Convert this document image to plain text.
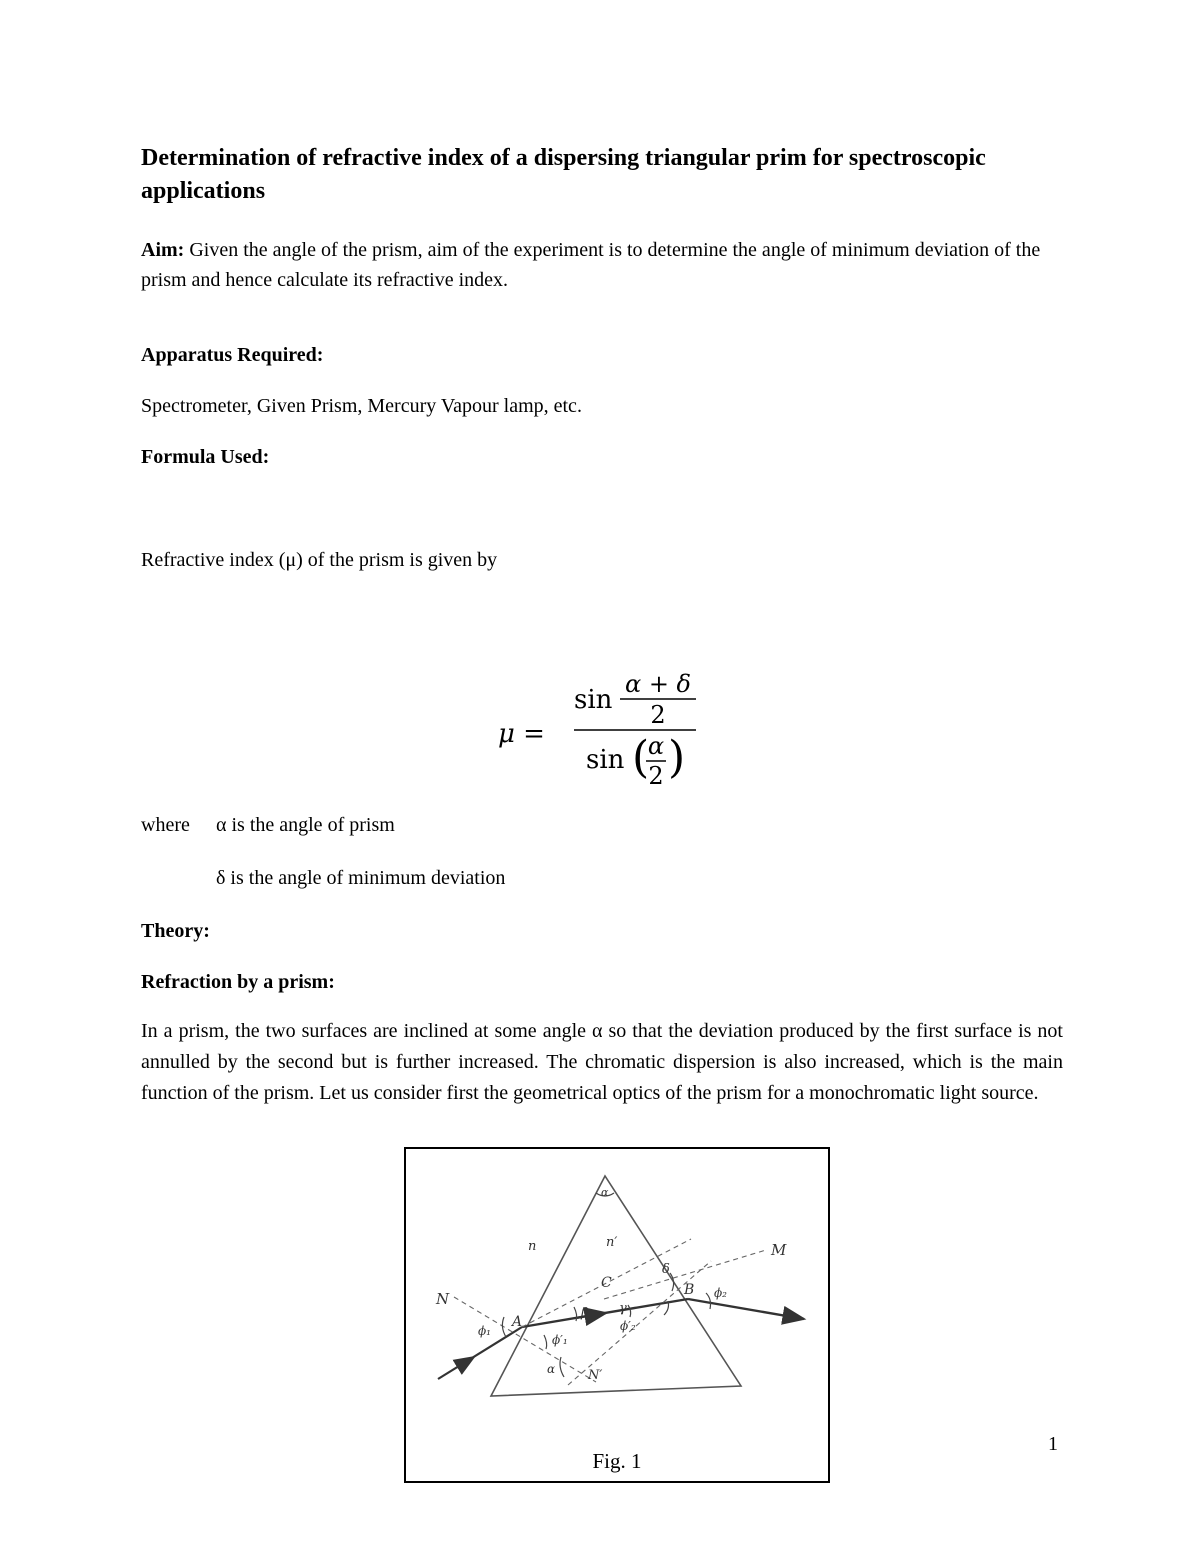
Determination of refractive index of a dispersing triangular prim for spectroscopic applications
Aim: Given the angle of the prism, aim of the experiment is to determine the angle of minimum deviation of the prism and hence calculate its refractive index.
Apparatus Required:
Spectrometer, Given Prism, Mercury Vapour lamp, etc.
Formula Used:
Refractive index (μ) of the prism is given by
μ =
sin
α + δ
2
sin (
α
2 )
where α is the angle of prism
δ is the angle of minimum deviation
Theory:
Refraction by a prism:
In a prism, the two surfaces are inclined at some angle α so that the deviation produced by the first surface is not annulled by the second but is further increased. The chromatic dispersion is also increased, which is the main function of the prism. Let us consider first the geometrical optics of the prism for a monochromatic light source.
α
n	n′
N
M
A
B
C
δ
β γ
ϕ₁
ϕ′₁
ϕ₂
ϕ′₂
α	N′
Fig. 1
1
